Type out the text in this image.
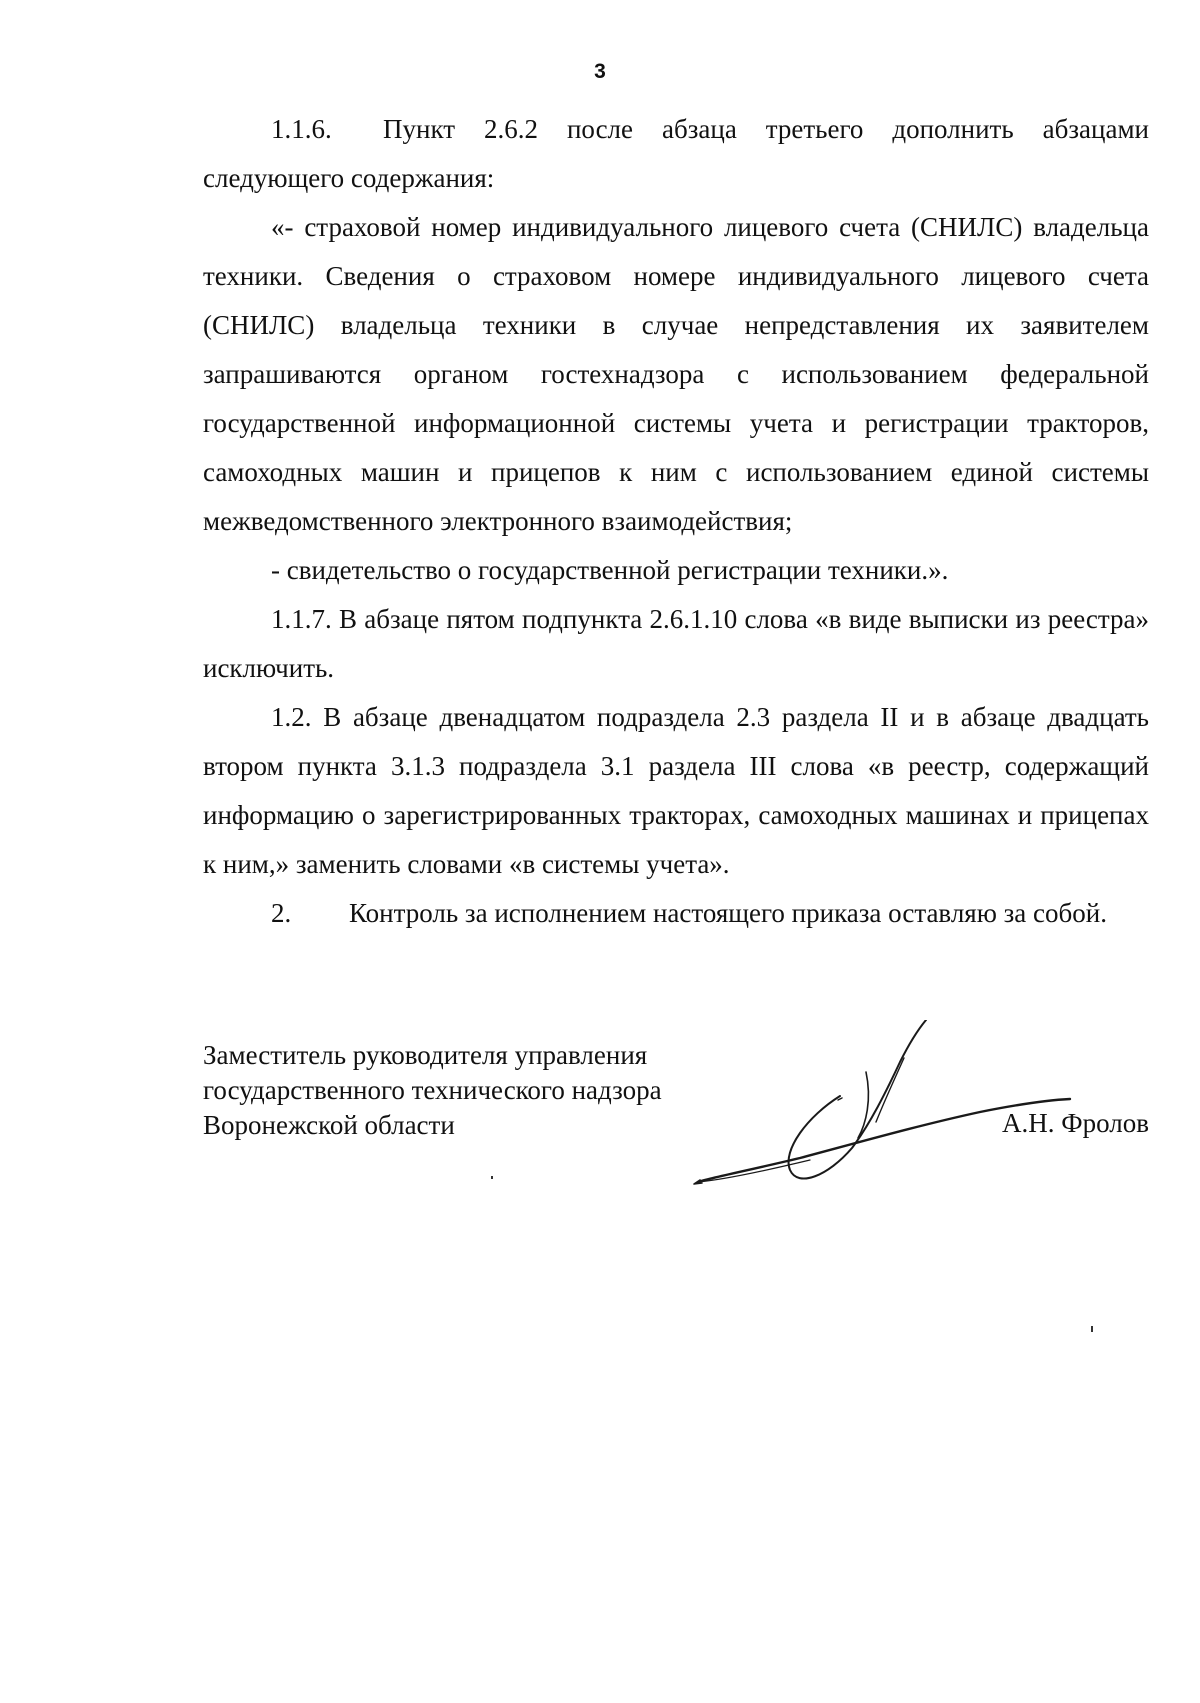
3

1.1.6. Пункт 2.6.2 после абзаца третьего дополнить абзацами следующего содержания:

«- страховой номер индивидуального лицевого счета (СНИЛС) владельца техники. Сведения о страховом номере индивидуального лицевого счета (СНИЛС) владельца техники в случае непредставления их заявителем запрашиваются органом гостехнадзора с использованием федеральной государственной информационной системы учета и регистрации тракторов, самоходных машин и прицепов к ним с использованием единой системы межведомственного электронного взаимодействия;

- свидетельство о государственной регистрации техники.».

1.1.7. В абзаце пятом подпункта 2.6.1.10 слова «в виде выписки из реестра» исключить.

1.2. В абзаце двенадцатом подраздела 2.3 раздела II и в абзаце двадцать втором пункта 3.1.3 подраздела 3.1 раздела III слова «в реестр, содержащий информацию о зарегистрированных тракторах, самоходных машинах и прицепах к ним,» заменить словами «в системы учета».

2. Контроль за исполнением настоящего приказа оставляю за собой.

Заместитель руководителя управления
государственного технического надзора
Воронежской области	А.Н. Фролов
